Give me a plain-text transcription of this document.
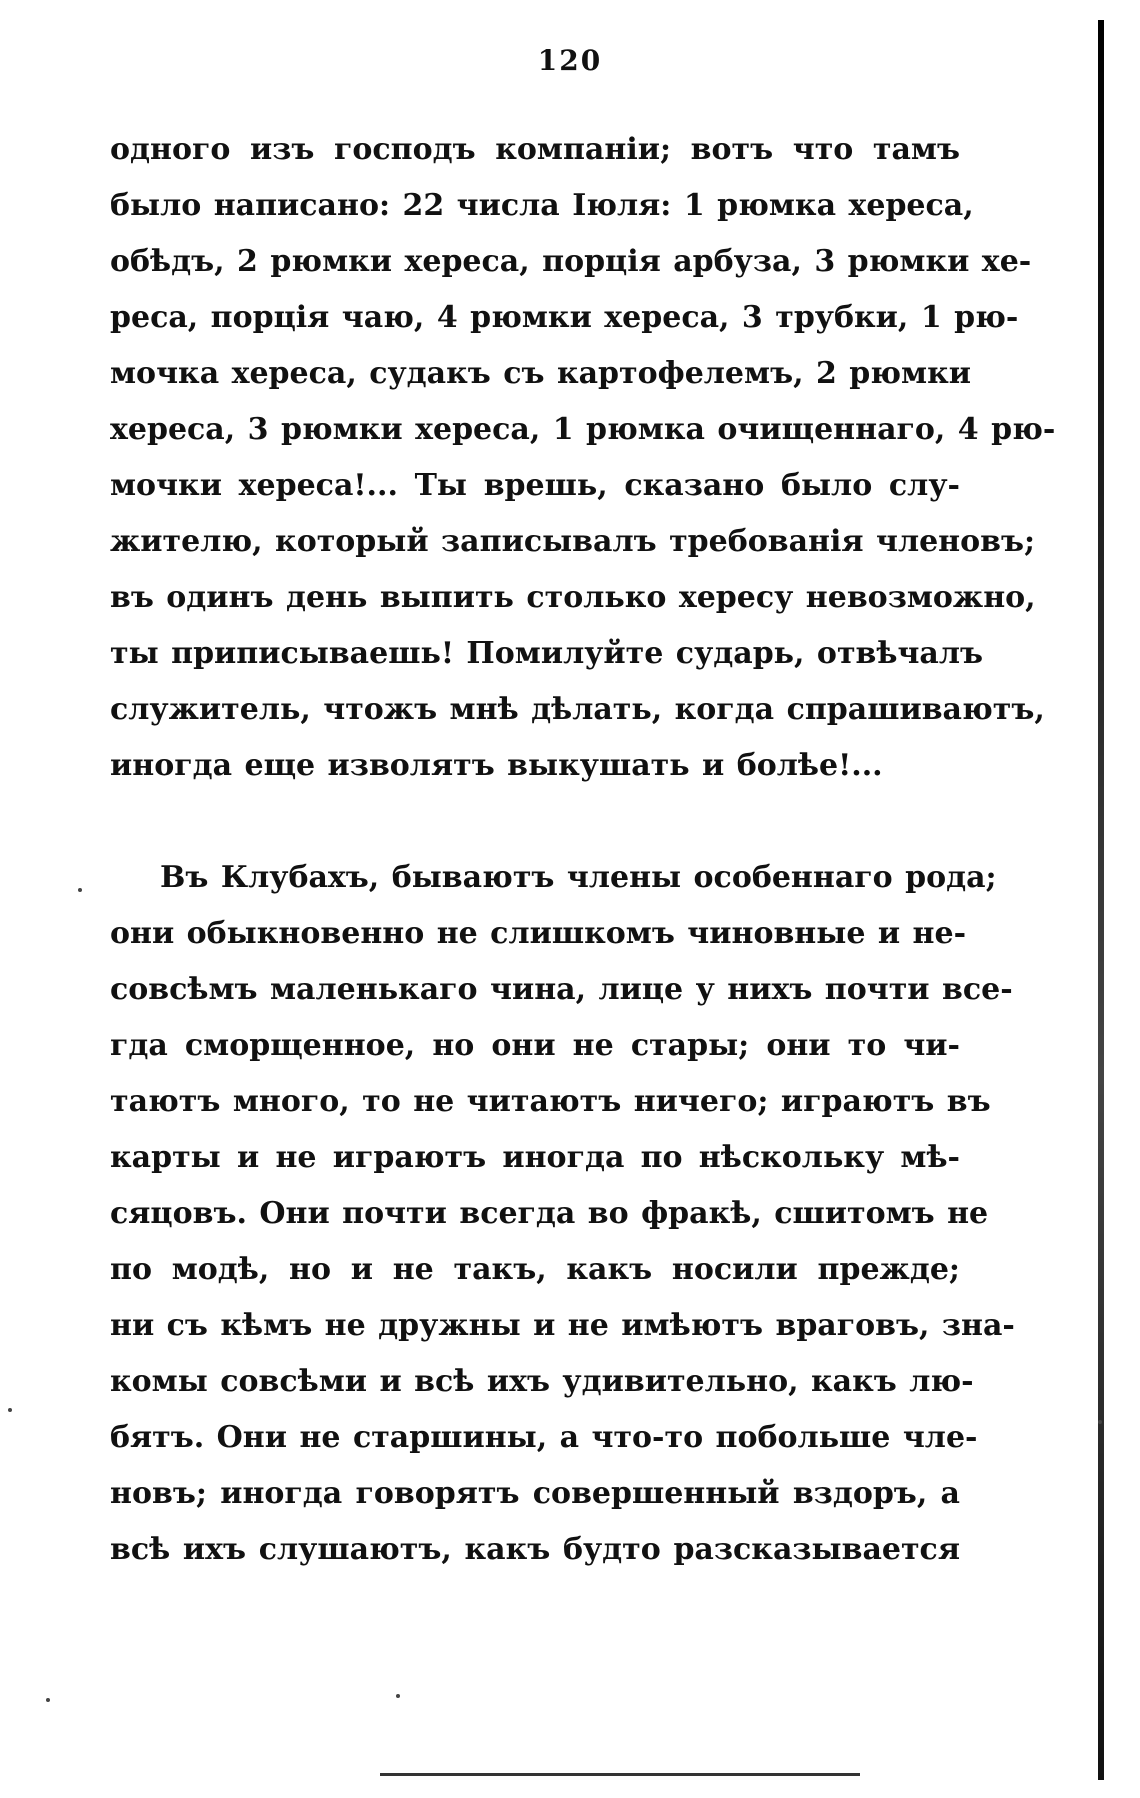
120
одного изъ господъ компаніи; вотъ что тамъ
было написано: 22 числа Іюля: 1 рюмка хереса,
обѣдъ, 2 рюмки хереса, порція арбуза, 3 рюмки хе-
реса, порція чаю, 4 рюмки хереса, 3 трубки, 1 рю-
мочка хереса, судакъ съ картофелемъ, 2 рюмки
хереса, 3 рюмки хереса, 1 рюмка очищеннаго, 4 рю-
мочки хереса!... Ты врешь, сказано было слу-
жителю, который записывалъ требованія членовъ;
въ одинъ день выпить столько хересу невозможно,
ты приписываешь! Помилуйте сударь, отвѣчалъ
служитель, чтожъ мнѣ дѣлать, когда спрашиваютъ,
иногда еще изволятъ выкушать и болѣе!...
Въ Клубахъ, бываютъ члены особеннаго рода;
они обыкновенно не слишкомъ чиновные и не-
совсѣмъ маленькаго чина, лице у нихъ почти все-
гда сморщенное, но они не стары; они то чи-
таютъ много, то не читаютъ ничего; играютъ въ
карты и не играютъ иногда по нѣскольку мѣ-
сяцовъ. Они почти всегда во фракѣ, сшитомъ не
по модѣ, но и не такъ, какъ носили прежде;
ни съ кѣмъ не дружны и не имѣютъ враговъ, зна-
комы совсѣми и всѣ ихъ удивительно, какъ лю-
бятъ. Они не старшины, а что-то побольше чле-
новъ; иногда говорятъ совершенный вздоръ, а
всѣ ихъ слушаютъ, какъ будто разсказывается
